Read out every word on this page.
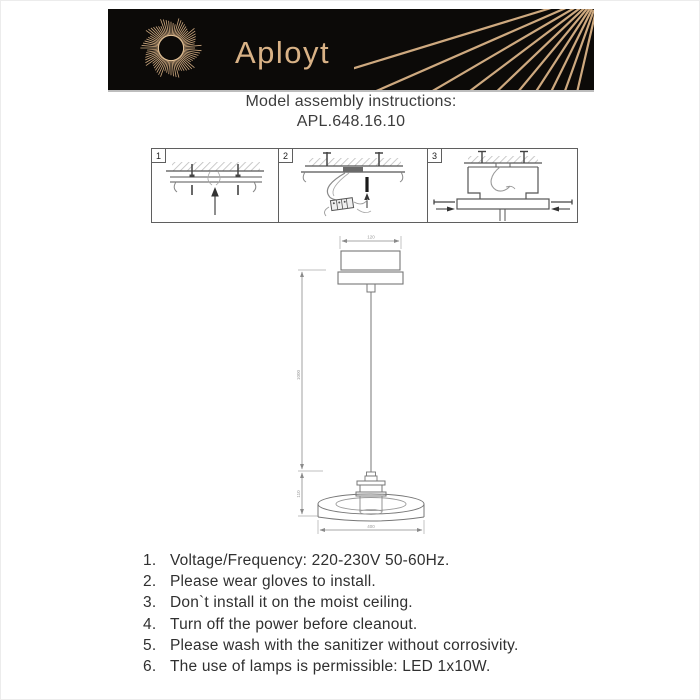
Aployt
Model assembly instructions:
APL.648.16.10
1	2	3
120
1000
110
400
1. Voltage/Frequency: 220-230V 50-60Hz.
2. Please wear gloves to install.
3. Don`t install it on the moist ceiling.
4. Turn off the power before cleanout.
5. Please wash with the sanitizer without corrosivity.
6. The use of lamps is permissible: LED 1x10W.
